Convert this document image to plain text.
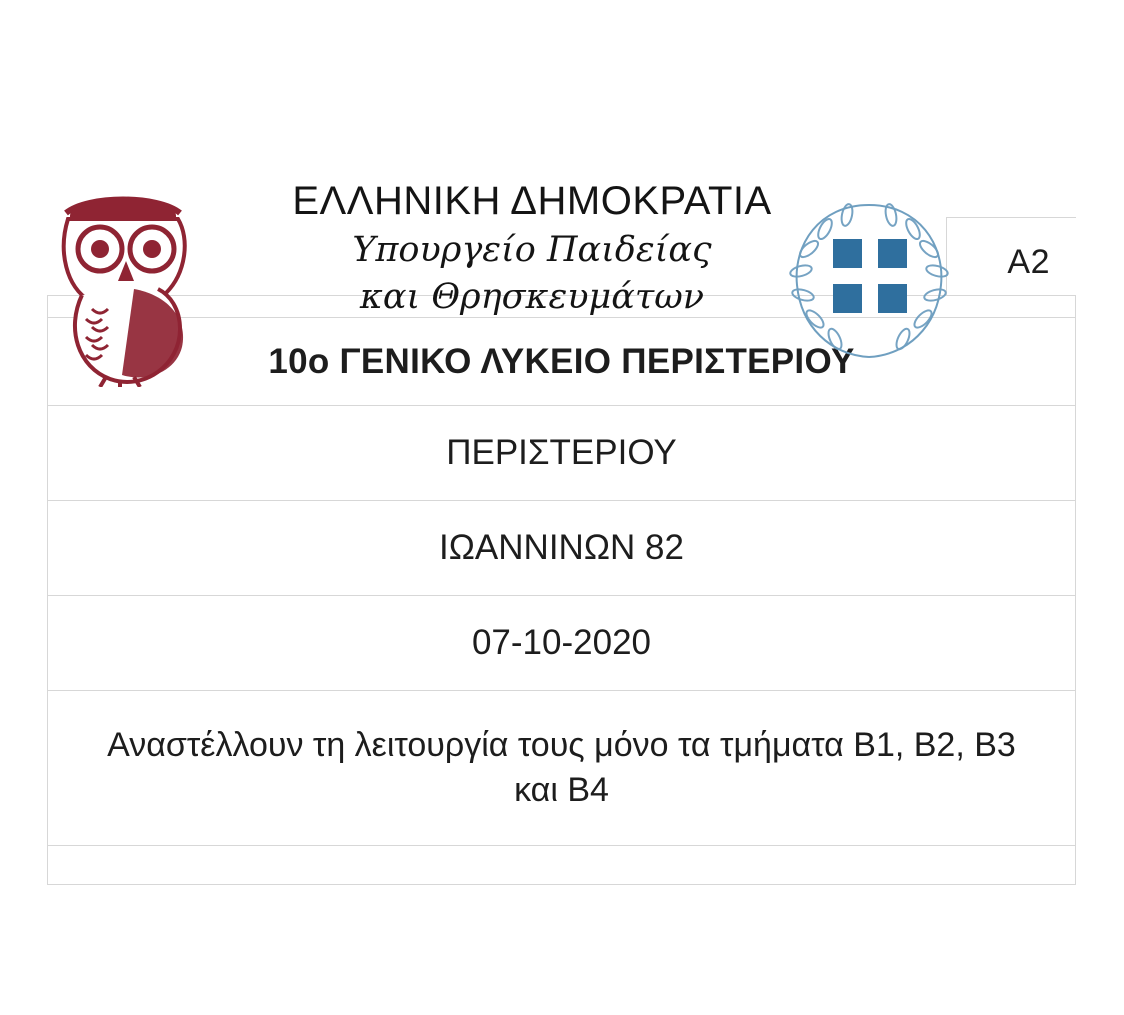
Α2
ΕΛΛΗΝΙΚΗ ΔΗΜΟΚΡΑΤΙΑ
Υπουργείο Παιδείας
και Θρησκευμάτων
10ο ΓΕΝΙΚΟ ΛΥΚΕΙΟ ΠΕΡΙΣΤΕΡΙΟΥ
ΠΕΡΙΣΤΕΡΙΟΥ
ΙΩΑΝΝΙΝΩΝ 82
07-10-2020
Αναστέλλουν τη λειτουργία τους μόνο τα τμήματα Β1, Β2, Β3 και Β4
